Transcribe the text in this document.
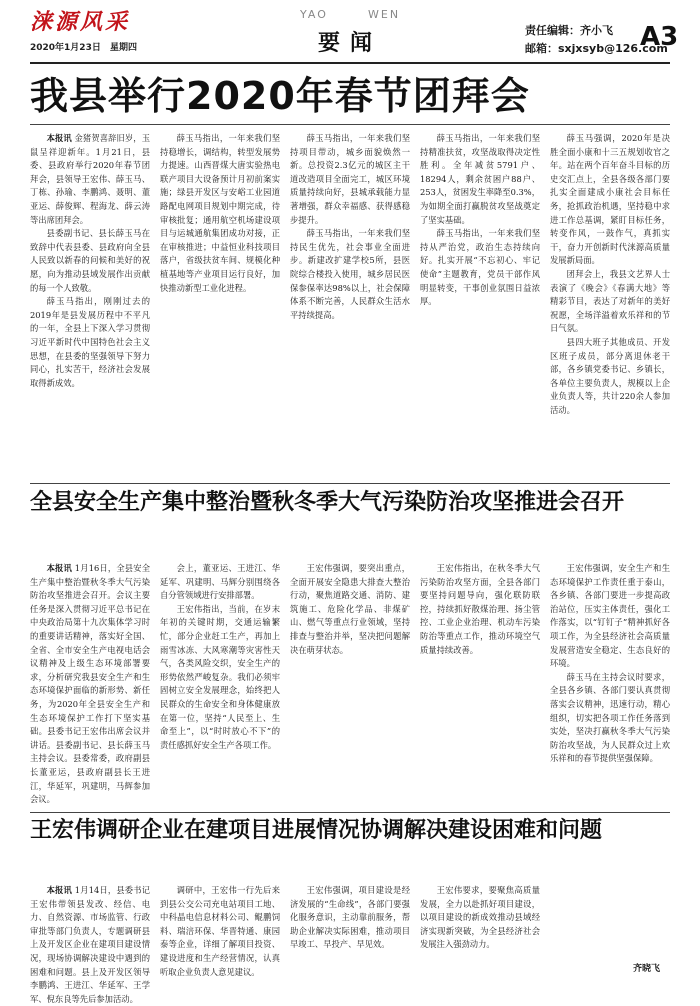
涞源风采
2020年1月23日 星期四
YAO	WEN
要闻	责任编辑：齐小飞
邮箱：sxjxsyb@126.com
A3
我县举行2020年春节团拜会

本报讯 金猪贺喜辞旧岁，玉鼠呈祥迎新年。1月21日，县委、县政府举行2020年春节团拜会，县领导王宏伟、薛玉马、丁栋、孙瑜、李鹏鸿、聂明、董亚运、薛俊辉、程海龙、薛云涛等出席团拜会。

县委副书记、县长薛玉马在致辞中代表县委、县政府向全县人民致以新春的问候和美好的祝愿，向为推动县域发展作出贡献的每一个人致敬。

薛玉马指出，刚刚过去的2019年是县发展历程中不平凡的一年，全县上下深入学习贯彻习近平新时代中国特色社会主义思想，在县委的坚强领导下努力同心，扎实苦干，经济社会发展取得新成效。

薛玉马指出，一年来我们坚持稳增长，调结构，转型发展势力提速。山西晋煤大唐实验热电联产项目大设备预计月初前案实施；绿县开发区与安峪工业园道路配电网项目规划中期完成，待审核批复；通用航空机场建设项目与运城通航集团成功对接，正在审核推进；中益恒业科技项目落户，省级扶贫车间、规模化种植基地等产业项目运行良好，加快推动新型工业化进程。

薛玉马指出，一年来我们坚持项目带动，城乡面貌焕然一新。总投资2.3亿元的城区主干道改造项目全面完工，城区环境质量持续向好，县城承载能力显著增强，群众幸福感、获得感稳步提升。

薛玉马指出，一年来我们坚持民生优先，社会事业全面进步。新建改扩建学校5所，县医院综合楼投入使用，城乡居民医保参保率达98%以上，社会保障体系不断完善，人民群众生活水平持续提高。

薛玉马指出，一年来我们坚持精准扶贫，攻坚战取得决定性胜利。全年减贫5791户、18294人，剩余贫困户88户、253人，贫困发生率降至0.3%，为如期全面打赢脱贫攻坚战奠定了坚实基础。

薛玉马指出，一年来我们坚持从严治党，政治生态持续向好。扎实开展“不忘初心、牢记使命”主题教育，党员干部作风明显转变，干事创业氛围日益浓厚。

薛玉马强调，2020年是决胜全面小康和十三五规划收官之年。站在两个百年奋斗目标的历史交汇点上，全县各级各部门要扎实全面建成小康社会目标任务，抢抓政治机遇，坚持稳中求进工作总基调，紧盯目标任务，转变作风，一鼓作气，真抓实干，奋力开创新时代涞源高质量发展新局面。

团拜会上，我县文艺界人士表演了《晚会》《春满大地》等精彩节目，表达了对新年的美好祝愿，全场洋溢着欢乐祥和的节日气氛。

县四大班子其他成员、开发区班子成员，部分离退休老干部，各乡镇党委书记、乡镇长，各单位主要负责人，规模以上企业负责人等，共计220余人参加活动。

全县安全生产集中整治暨秋冬季大气污染防治攻坚推进会召开

本报讯 1月16日，全县安全生产集中整治暨秋冬季大气污染防治攻坚推进会召开。会议主要任务是深入贯彻习近平总书记在中央政治局第十九次集体学习时的重要讲话精神，落实好全国、全省、全市安全生产电视电话会议精神及上级生态环境部署要求，分析研究我县安全生产和生态环境保护面临的新形势、新任务，为2020年全县安全生产和生态环境保护工作打下坚实基础。县委书记王宏伟出席会议并讲话。县委副书记、县长薛玉马主持会议。县委常委，政府副县长董亚运，县政府副县长王进江，华延军，巩建明，马辉参加会议。

会上，董亚运、王进江、华延军、巩建明、马辉分别围绕各自分管领域进行安排部署。

王宏伟指出，当前，在岁末年初的关键时期，交通运输繁忙，部分企业赶工生产，再加上雨雪冰冻、大风寒潮等灾害性天气，各类风险交织，安全生产的形势依然严峻复杂。我们必须牢固树立安全发展理念，始终把人民群众的生命安全和身体健康放在第一位，坚持“人民至上、生命至上”，以“时时放心不下”的责任感抓好安全生产各项工作。

王宏伟强调，要突出重点，全面开展安全隐患大排查大整治行动，聚焦道路交通、消防、建筑施工、危险化学品、非煤矿山、燃气等重点行业领域，坚持排查与整治并举，坚决把问题解决在萌芽状态。

王宏伟指出，在秋冬季大气污染防治攻坚方面，全县各部门要坚持问题导向，强化联防联控，持续抓好散煤治理、扬尘管控、工业企业治理、机动车污染防治等重点工作，推动环境空气质量持续改善。

王宏伟强调，安全生产和生态环境保护工作责任重于泰山，各乡镇、各部门要进一步提高政治站位，压实主体责任，强化工作落实，以“钉钉子”精神抓好各项工作，为全县经济社会高质量发展营造安全稳定、生态良好的环境。

薛玉马在主持会议时要求，全县各乡镇、各部门要认真贯彻落实会议精神，迅速行动，精心组织，切实把各项工作任务落到实处，坚决打赢秋冬季大气污染防治攻坚战，为人民群众过上欢乐祥和的春节提供坚强保障。

王宏伟调研企业在建项目进展情况协调解决建设困难和问题

本报讯 1月14日，县委书记王宏伟带领县发改、经信、电力、自然资源、市场监管、行政审批等部门负责人，专题调研县上及开发区企业在建项目建设情况，现场协调解决建设中遇到的困难和问题。县上及开发区领导李鹏鸿、王进江、华延军、王学军、倪东良等先后参加活动。

调研中，王宏伟一行先后来到县公交公司充电站项目工地、中科晶电信息材料公司、鲲鹏饲料、瑞涪环保、华晋特通、康园泰等企业，详细了解项目投资、建设进度和生产经营情况，认真听取企业负责人意见建议。

王宏伟强调，项目建设是经济发展的“生命线”，各部门要强化服务意识，主动靠前服务，帮助企业解决实际困难，推动项目早竣工、早投产、早见效。

王宏伟要求，要聚焦高质量发展，全力以赴抓好项目建设，以项目建设的新成效推动县域经济实现新突破，为全县经济社会发展注入强劲动力。

齐晓飞
